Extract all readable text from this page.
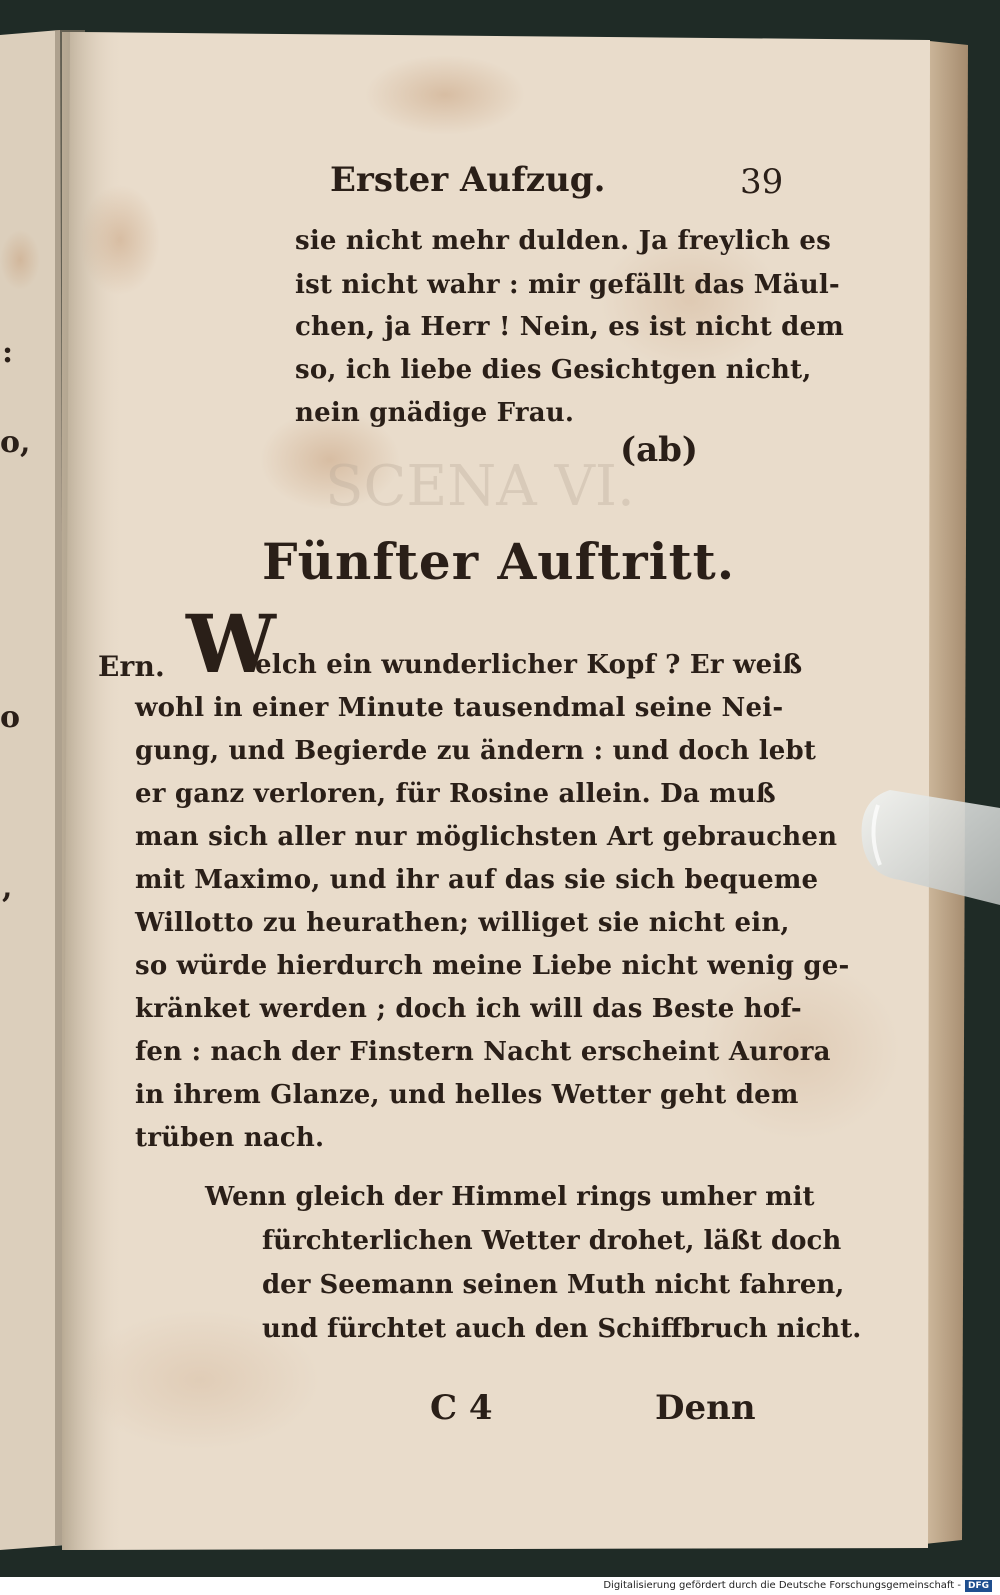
SCENA VI.
:
o,
o
,
Erster Aufzug.	39
sie nicht mehr dulden. Ja freylich es
ist nicht wahr : mir gefällt das Mäul-
chen, ja Herr ! Nein, es ist nicht dem
so, ich liebe dies Gesichtgen nicht,
nein gnädige Frau.
(ab)
Fünfter Auftritt.
Ern. W
elch ein wunderlicher Kopf ? Er weiß
wohl in einer Minute tausendmal seine Nei-
gung, und Begierde zu ändern : und doch lebt
er ganz verloren, für Rosine allein. Da muß
man sich aller nur möglichsten Art gebrauchen
mit Maximo, und ihr auf das sie sich bequeme
Willotto zu heurathen; williget sie nicht ein,
so würde hierdurch meine Liebe nicht wenig ge-
kränket werden ; doch ich will das Beste hof-
fen : nach der Finstern Nacht erscheint Aurora
in ihrem Glanze, und helles Wetter geht dem
trüben nach.
Wenn gleich der Himmel rings umher mit
fürchterlichen Wetter drohet, läßt doch
der Seemann seinen Muth nicht fahren,
und fürchtet auch den Schiffbruch nicht.
C 4	Denn
Digitalisierung gefördert durch die Deutsche Forschungsgemeinschaft - DFG
